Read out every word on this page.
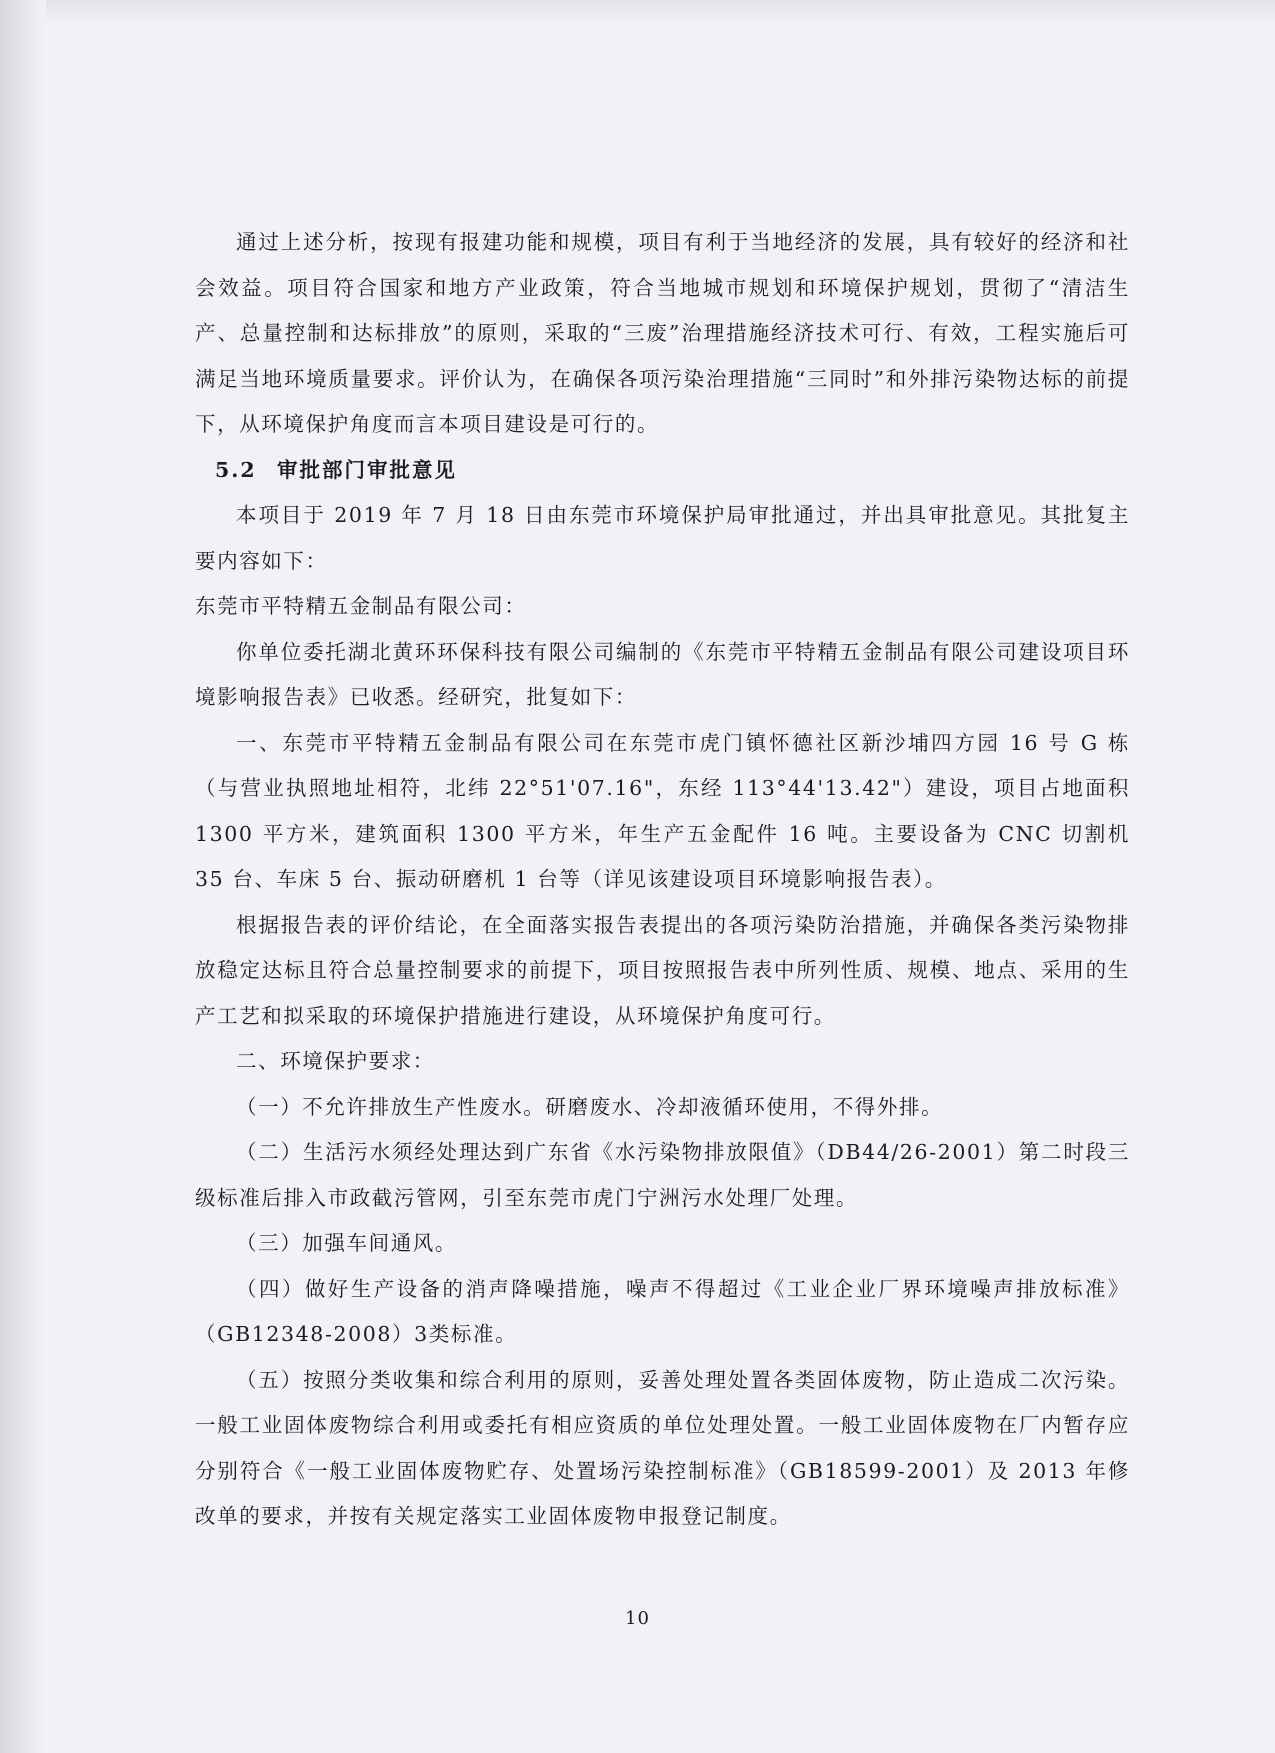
通过上述分析，按现有报建功能和规模，项目有利于当地经济的发展，具有较好的经济和社会效益。项目符合国家和地方产业政策，符合当地城市规划和环境保护规划，贯彻了“清洁生产、总量控制和达标排放”的原则，采取的“三废”治理措施经济技术可行、有效，工程实施后可满足当地环境质量要求。评价认为，在确保各项污染治理措施“三同时”和外排污染物达标的前提下，从环境保护角度而言本项目建设是可行的。

5.2 审批部门审批意见

本项目于 2019 年 7 月 18 日由东莞市环境保护局审批通过，并出具审批意见。其批复主要内容如下：

东莞市平特精五金制品有限公司：

你单位委托湖北黄环环保科技有限公司编制的《东莞市平特精五金制品有限公司建设项目环境影响报告表》已收悉。经研究，批复如下：

一、东莞市平特精五金制品有限公司在东莞市虎门镇怀德社区新沙埔四方园 16 号 G 栋（与营业执照地址相符，北纬 22°51'07.16"，东经 113°44'13.42"）建设，项目占地面积 1300 平方米，建筑面积 1300 平方米，年生产五金配件 16 吨。主要设备为 CNC 切割机 35 台、车床 5 台、振动研磨机 1 台等（详见该建设项目环境影响报告表）。

根据报告表的评价结论，在全面落实报告表提出的各项污染防治措施，并确保各类污染物排放稳定达标且符合总量控制要求的前提下，项目按照报告表中所列性质、规模、地点、采用的生产工艺和拟采取的环境保护措施进行建设，从环境保护角度可行。

二、环境保护要求：

（一）不允许排放生产性废水。研磨废水、冷却液循环使用，不得外排。

（二）生活污水须经处理达到广东省《水污染物排放限值》（DB44/26-2001）第二时段三级标准后排入市政截污管网，引至东莞市虎门宁洲污水处理厂处理。

（三）加强车间通风。

（四）做好生产设备的消声降噪措施，噪声不得超过《工业企业厂界环境噪声排放标准》（GB12348-2008）3类标准。

（五）按照分类收集和综合利用的原则，妥善处理处置各类固体废物，防止造成二次污染。一般工业固体废物综合利用或委托有相应资质的单位处理处置。一般工业固体废物在厂内暂存应分别符合《一般工业固体废物贮存、处置场污染控制标准》（GB18599-2001）及 2013 年修改单的要求，并按有关规定落实工业固体废物申报登记制度。

10
